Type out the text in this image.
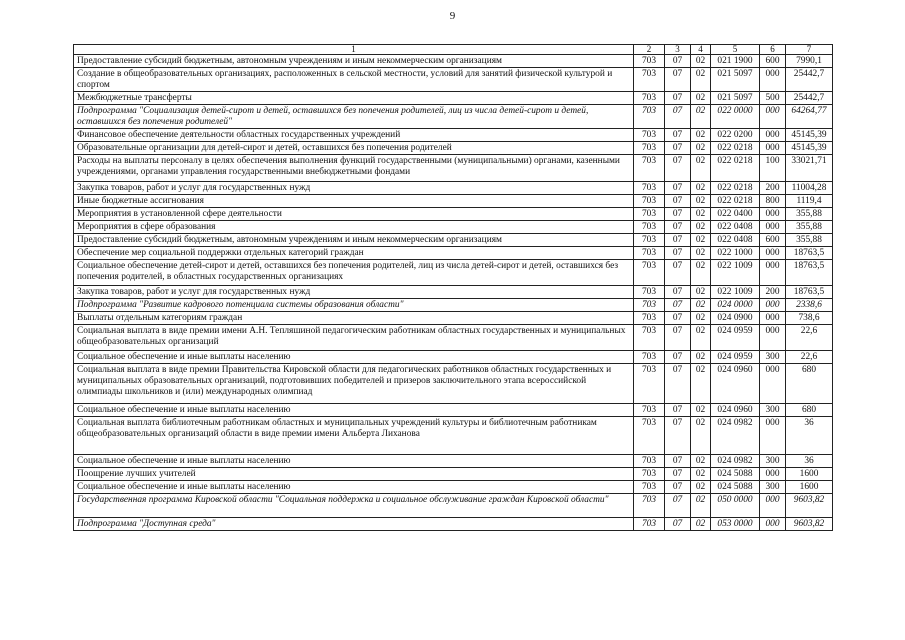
9
1	2	3	4	5	6	7
Предоставление субсидий бюджетным, автономным учреждениям и иным некоммерческим организациям	703	07	02	021 1900	600	7990,1
Создание в общеобразовательных организациях, расположенных в сельской местности, условий для занятий физической культурой и спортом	703	07	02	021 5097	000	25442,7
Межбюджетные трансферты	703	07	02	021 5097	500	25442,7
Подпрограмма "Социализация детей-сирот и детей, оставшихся без попечения родителей, лиц из числа детей-сирот и детей, оставшихся без попечения родителей"	703	07	02	022 0000	000	64264,77
Финансовое обеспечение деятельности областных государственных учреждений	703	07	02	022 0200	000	45145,39
Образовательные организации для детей-сирот и детей, оставшихся без попечения родителей	703	07	02	022 0218	000	45145,39
Расходы на выплаты персоналу в целях обеспечения выполнения функций государственными (муниципальными) органами, казенными учреждениями, органами управления государственными внебюджетными фондами	703	07	02	022 0218	100	33021,71
Закупка товаров, работ и услуг для государственных нужд	703	07	02	022 0218	200	11004,28
Иные бюджетные ассигнования	703	07	02	022 0218	800	1119,4
Мероприятия в установленной сфере деятельности	703	07	02	022 0400	000	355,88
Мероприятия в сфере образования	703	07	02	022 0408	000	355,88
Предоставление субсидий бюджетным, автономным учреждениям и иным некоммерческим организациям	703	07	02	022 0408	600	355,88
Обеспечение мер социальной поддержки отдельных категорий граждан	703	07	02	022 1000	000	18763,5
Социальное обеспечение детей-сирот и детей, оставшихся без попечения родителей, лиц из числа детей-сирот и детей, оставшихся без попечения родителей, в областных государственных организациях	703	07	02	022 1009	000	18763,5
Закупка товаров, работ и услуг для государственных нужд	703	07	02	022 1009	200	18763,5
Подпрограмма "Развитие кадрового потенциала системы образования области"	703	07	02	024 0000	000	2338,6
Выплаты отдельным категориям граждан	703	07	02	024 0900	000	738,6
Социальная выплата в виде премии имени А.Н. Тепляшиной педагогическим работникам областных государственных и муниципальных общеобразовательных организаций	703	07	02	024 0959	000	22,6
Социальное обеспечение и иные выплаты населению	703	07	02	024 0959	300	22,6
Социальная выплата в виде премии Правительства Кировской области для педагогических работников областных государственных и муниципальных образовательных организаций, подготовивших победителей и призеров заключительного этапа всероссийской олимпиады школьников и (или) международных олимпиад	703	07	02	024 0960	000	680
Социальное обеспечение и иные выплаты населению	703	07	02	024 0960	300	680
Социальная выплата библиотечным работникам областных и муниципальных учреждений культуры и библиотечным работникам общеобразовательных организаций области в виде премии имени Альберта Лиханова	703	07	02	024 0982	000	36
Социальное обеспечение и иные выплаты населению	703	07	02	024 0982	300	36
Поощрение лучших учителей	703	07	02	024 5088	000	1600
Социальное обеспечение и иные выплаты населению	703	07	02	024 5088	300	1600
Государственная программа Кировской области "Социальная поддержка и социальное обслуживание граждан Кировской области"	703	07	02	050 0000	000	9603,82
Подпрограмма "Доступная среда"	703	07	02	053 0000	000	9603,82
